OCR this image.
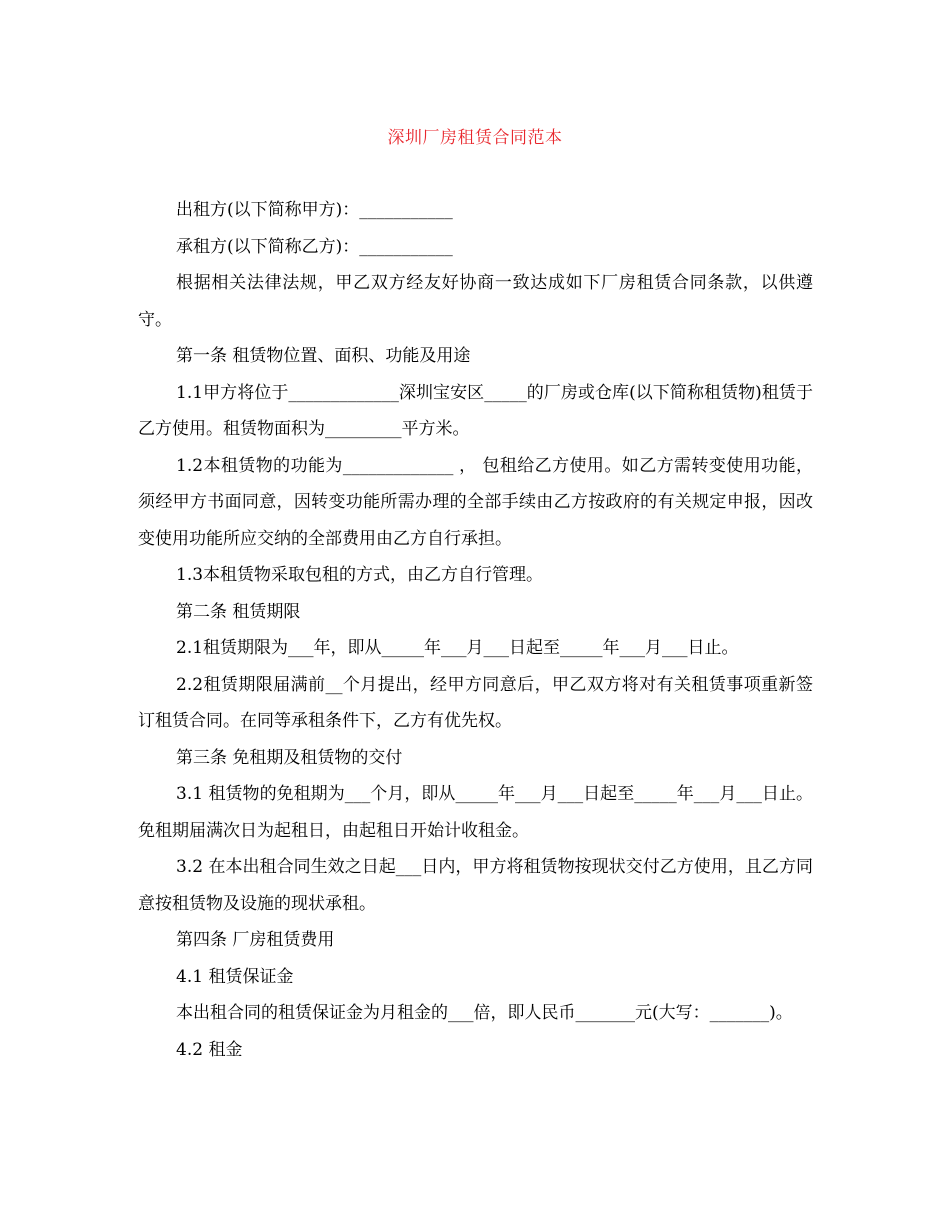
深圳厂房租赁合同范本

出租方(以下简称甲方)：___________

承租方(以下简称乙方)：___________

根据相关法律法规，甲乙双方经友好协商一致达成如下厂房租赁合同条款，以供遵守。

第一条 租赁物位置、面积、功能及用途

1.1甲方将位于_____________深圳宝安区_____的厂房或仓库(以下简称租赁物)租赁于乙方使用。租赁物面积为_________平方米。

1.2本租赁物的功能为_____________ ， 包租给乙方使用。如乙方需转变使用功能，须经甲方书面同意，因转变功能所需办理的全部手续由乙方按政府的有关规定申报，因改变使用功能所应交纳的全部费用由乙方自行承担。

1.3本租赁物采取包租的方式，由乙方自行管理。

第二条 租赁期限

2.1租赁期限为___年，即从_____年___月___日起至_____年___月___日止。

2.2租赁期限届满前__个月提出，经甲方同意后，甲乙双方将对有关租赁事项重新签订租赁合同。在同等承租条件下，乙方有优先权。

第三条 免租期及租赁物的交付

3.1 租赁物的免租期为___个月，即从_____年___月___日起至_____年___月___日止。免租期届满次日为起租日，由起租日开始计收租金。

3.2 在本出租合同生效之日起___日内，甲方将租赁物按现状交付乙方使用，且乙方同意按租赁物及设施的现状承租。

第四条 厂房租赁费用

4.1 租赁保证金

本出租合同的租赁保证金为月租金的___倍，即人民币_______元(大写：_______)。

4.2 租金
